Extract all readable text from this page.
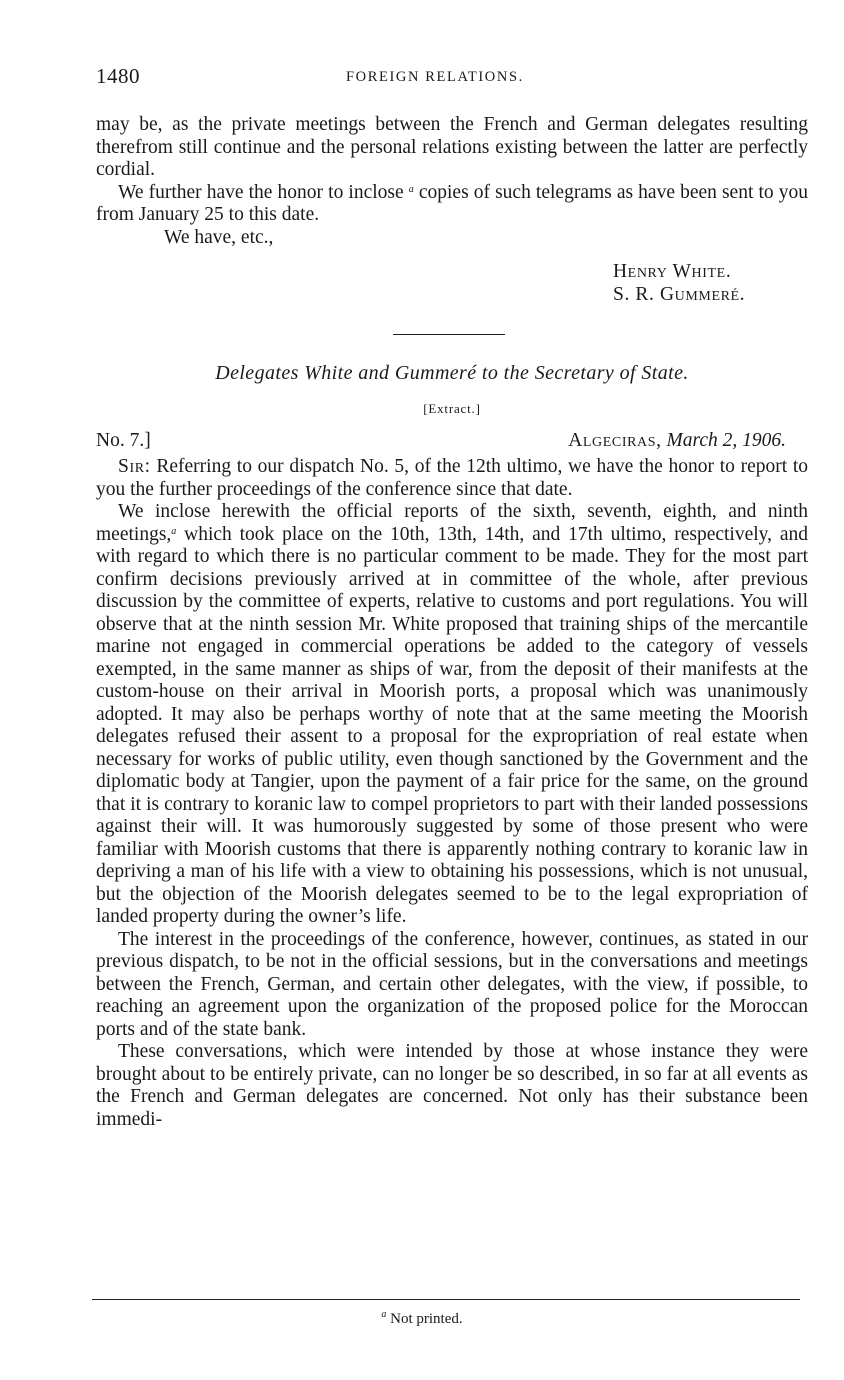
1480	FOREIGN RELATIONS.

may be, as the private meetings between the French and German delegates resulting therefrom still continue and the personal relations existing between the latter are perfectly cordial.

We further have the honor to inclose $^a$ copies of such telegrams as have been sent to you from January 25 to this date.

We have, etc.,
Henry White.
S. R. Gummeré.
Delegates White and Gummeré to the Secretary of State.
[Extract.]
No. 7.]	Algeciras, March 2, 1906.

Sir: Referring to our dispatch No. 5, of the 12th ultimo, we have the honor to report to you the further proceedings of the conference since that date.

We inclose herewith the official reports of the sixth, seventh, eighth, and ninth meetings,$^a$ which took place on the 10th, 13th, 14th, and 17th ultimo, respectively, and with regard to which there is no particular comment to be made. They for the most part confirm decisions previously arrived at in committee of the whole, after previous discussion by the committee of experts, relative to customs and port regulations. You will observe that at the ninth session Mr. White proposed that training ships of the mercantile marine not engaged in commercial operations be added to the category of vessels exempted, in the same manner as ships of war, from the deposit of their manifests at the custom-house on their arrival in Moorish ports, a proposal which was unanimously adopted. It may also be perhaps worthy of note that at the same meeting the Moorish delegates refused their assent to a proposal for the expropriation of real estate when necessary for works of public utility, even though sanctioned by the Government and the diplomatic body at Tangier, upon the payment of a fair price for the same, on the ground that it is contrary to koranic law to compel proprietors to part with their landed possessions against their will. It was humorously suggested by some of those present who were familiar with Moorish customs that there is apparently nothing contrary to koranic law in depriving a man of his life with a view to obtaining his possessions, which is not unusual, but the objection of the Moorish delegates seemed to be to the legal expropriation of landed property during the owner’s life.

The interest in the proceedings of the conference, however, continues, as stated in our previous dispatch, to be not in the official sessions, but in the conversations and meetings between the French, German, and certain other delegates, with the view, if possible, to reaching an agreement upon the organization of the proposed police for the Moroccan ports and of the state bank.

These conversations, which were intended by those at whose instance they were brought about to be entirely private, can no longer be so described, in so far at all events as the French and German delegates are concerned. Not only has their substance been immedi-

$^a$ Not printed.
